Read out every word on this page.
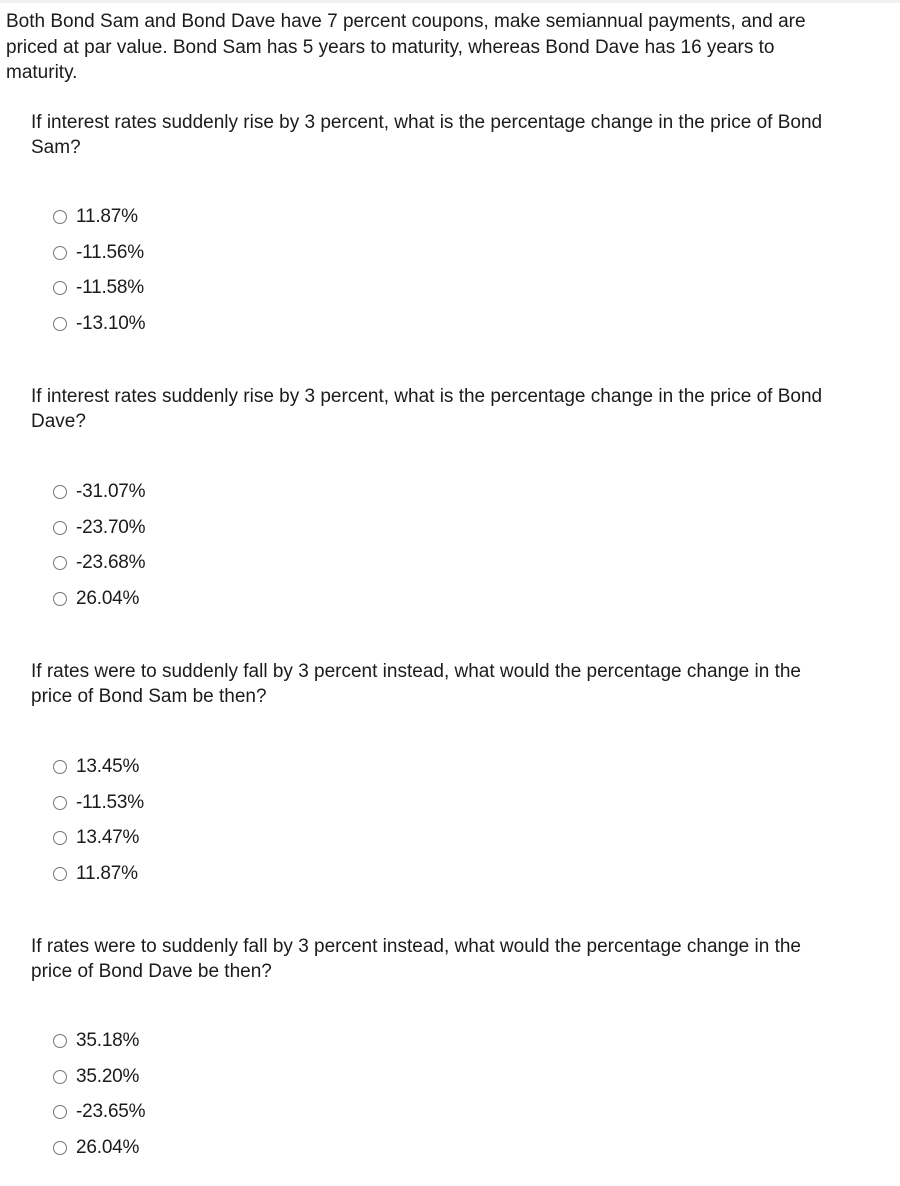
Both Bond Sam and Bond Dave have 7 percent coupons, make semiannual payments, and are priced at par value. Bond Sam has 5 years to maturity, whereas Bond Dave has 16 years to maturity.

If interest rates suddenly rise by 3 percent, what is the percentage change in the price of Bond Sam?

11.87%
-11.56%
-11.58%
-13.10%

If interest rates suddenly rise by 3 percent, what is the percentage change in the price of Bond Dave?

-31.07%
-23.70%
-23.68%
26.04%

If rates were to suddenly fall by 3 percent instead, what would the percentage change in the price of Bond Sam be then?

13.45%
-11.53%
13.47%
11.87%

If rates were to suddenly fall by 3 percent instead, what would the percentage change in the price of Bond Dave be then?

35.18%
35.20%
-23.65%
26.04%
